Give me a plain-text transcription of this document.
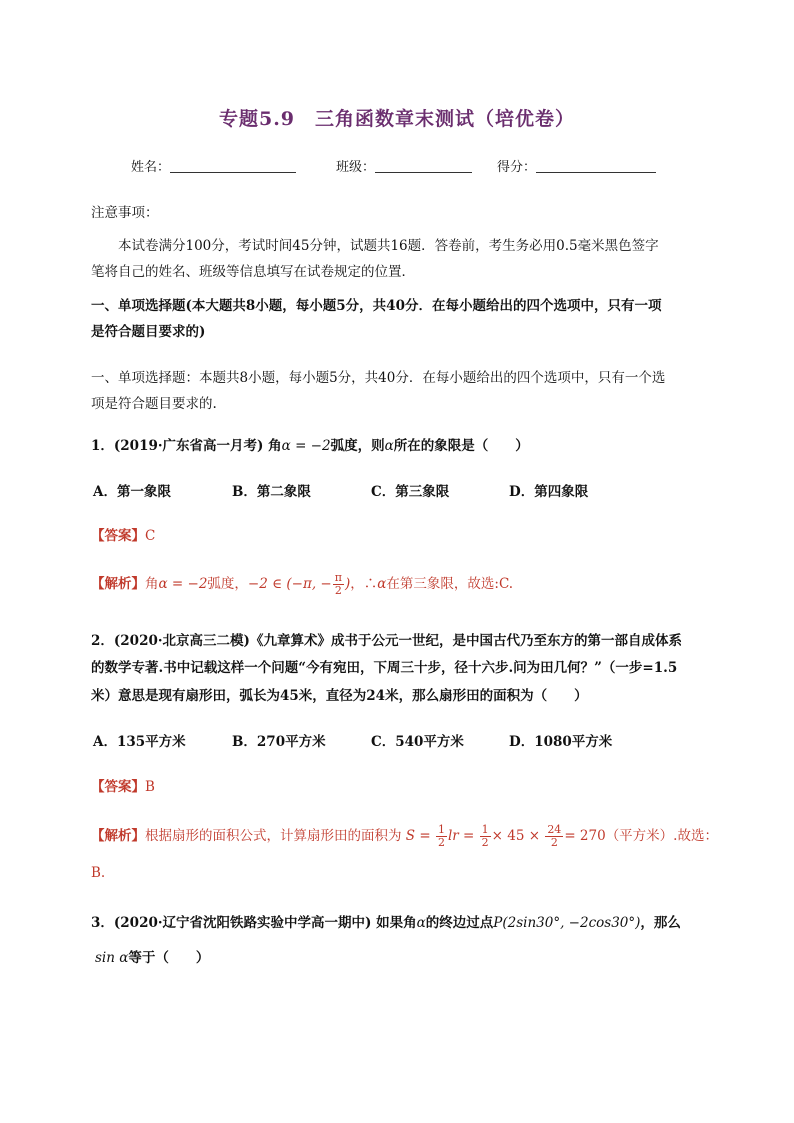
专题5.9　三角函数章末测试（培优卷）
姓名：	班级：	得分：
注意事项：
本试卷满分100分，考试时间45分钟，试题共16题．答卷前，考生务必用0.5毫米黑色签字
笔将自己的姓名、班级等信息填写在试卷规定的位置．
一、单项选择题(本大题共8小题，每小题5分，共40分．在每小题给出的四个选项中，只有一项
是符合题目要求的)
一、单项选择题：本题共8小题，每小题5分，共40分．在每小题给出的四个选项中，只有一个选
项是符合题目要求的.
1．(2019·广东省高一月考) 角α = −2弧度，则α所在的象限是（　　）
A．第一象限	B．第二象限	C．第三象限	D．第四象限
【答案】C
【解析】角α = −2弧度，−2 ∈ (−π, − $\frac{\pi}{2}$ )，∴α在第三象限，故选:C.
2．(2020·北京高三二模)《九章算术》成书于公元一世纪，是中国古代乃至东方的第一部自成体系
的数学专著.书中记载这样一个问题“今有宛田，下周三十步，径十六步.问为田几何？”（一步=1.5
米）意思是现有扇形田，弧长为45米，直径为24米，那么扇形田的面积为（　　）
A．135平方米	B．270平方米	C．540平方米	D．1080平方米
【答案】B
【解析】根据扇形的面积公式，计算扇形田的面积为 $S = \frac{1}{2}$ lr = $\frac{1}{2} \times 45 \times \frac{24}{2} = 270$（平方米）.故选：
B.
3．(2020·辽宁省沈阳铁路实验中学高一期中) 如果角α的终边过点P(2sin30°, −2cos30°)，那么
sin α等于（　　）
